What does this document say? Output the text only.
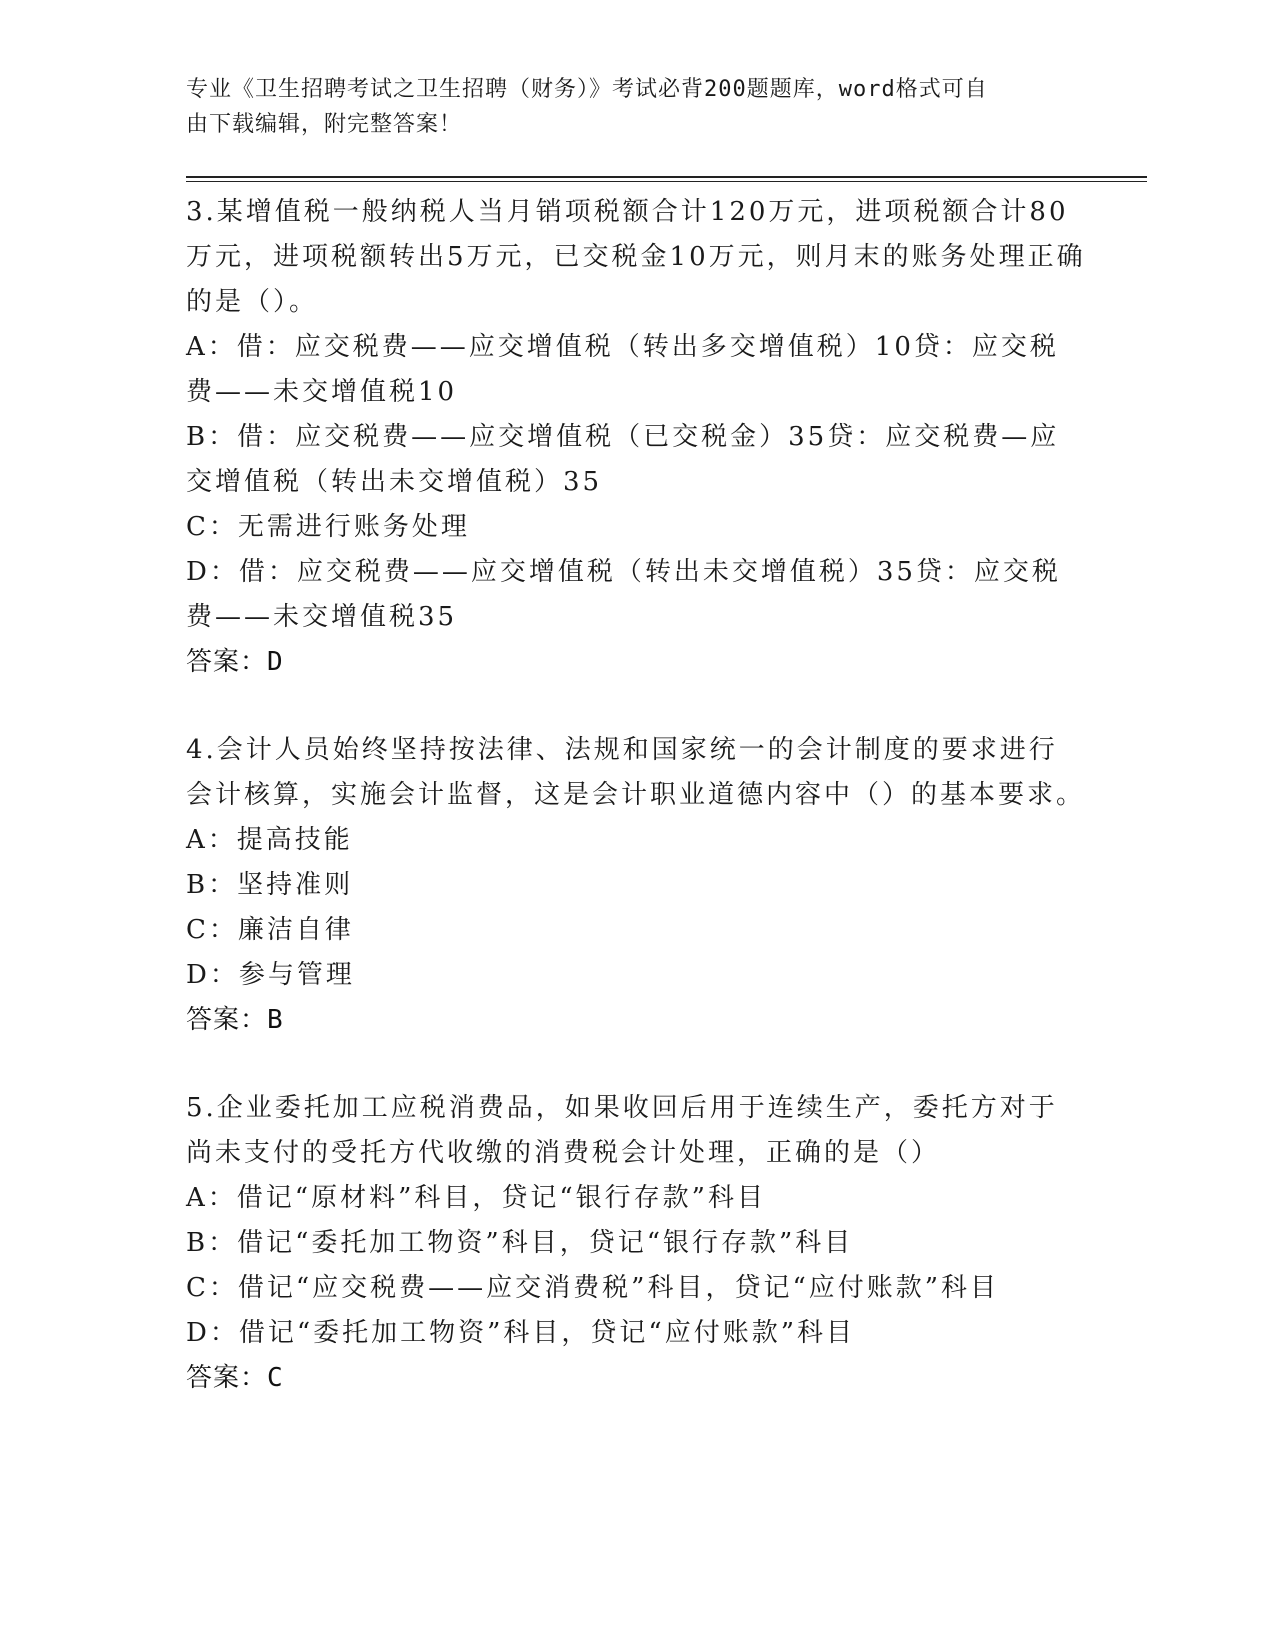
专业《卫生招聘考试之卫生招聘（财务）》考试必背200题题库，word格式可自
由下载编辑，附完整答案！

3.某增值税一般纳税人当月销项税额合计120万元，进项税额合计80万元，进项税额转出5万元，已交税金10万元，则月末的账务处理正确的是（）。

A：借：应交税费——应交增值税（转出多交增值税）10贷：应交税费——未交增值税10

B：借：应交税费——应交增值税（已交税金）35贷：应交税费—应交增值税（转出未交增值税）35

C：无需进行账务处理

D：借：应交税费——应交增值税（转出未交增值税）35贷：应交税费——未交增值税35

答案：D

4.会计人员始终坚持按法律、法规和国家统一的会计制度的要求进行会计核算，实施会计监督，这是会计职业道德内容中（）的基本要求。

A：提高技能

B：坚持准则

C：廉洁自律

D：参与管理

答案：B

5.企业委托加工应税消费品，如果收回后用于连续生产，委托方对于尚未支付的受托方代收缴的消费税会计处理，正确的是（）

A：借记“原材料”科目，贷记“银行存款”科目

B：借记“委托加工物资”科目，贷记“银行存款”科目

C：借记“应交税费——应交消费税”科目，贷记“应付账款”科目

D：借记“委托加工物资”科目，贷记“应付账款”科目

答案：C
